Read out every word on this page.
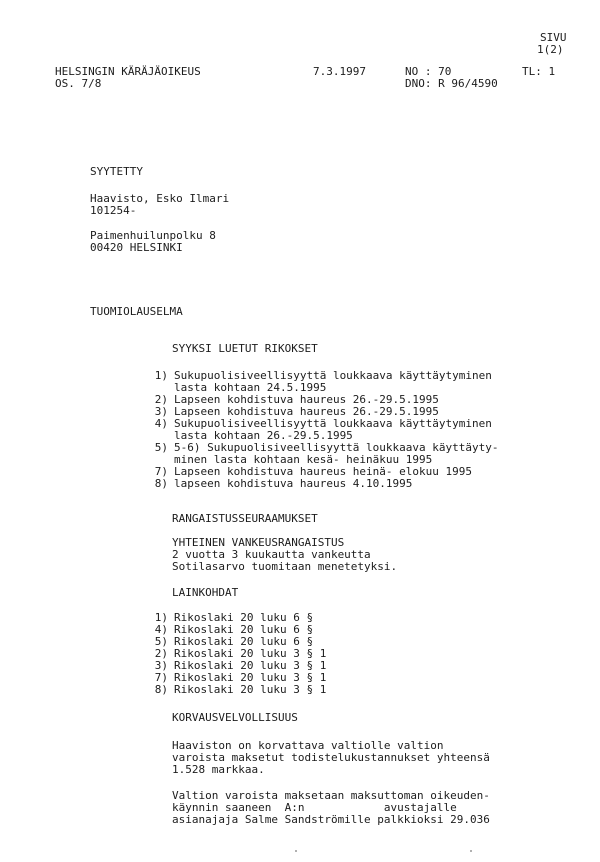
SIVU
1(2)
HELSINGIN KÄRÄJÄOIKEUS
OS. 7/8
7.3.1997	NO : 70
DNO: R 96/4590
TL: 1
SYYTETTY
Haavisto, Esko Ilmari
101254-
Paimenhuilunpolku 8
00420 HELSINKI
TUOMIOLAUSELMA
SYYKSI LUETUT RIKOKSET
1) Sukupuolisiveellisyyttä loukkaava käyttäytyminen
lasta kohtaan 24.5.1995
2) Lapseen kohdistuva haureus 26.-29.5.1995
3) Lapseen kohdistuva haureus 26.-29.5.1995
4) Sukupuolisiveellisyyttä loukkaava käyttäytyminen
lasta kohtaan 26.-29.5.1995
5) 5-6) Sukupuolisiveellisyyttä loukkaava käyttäyty-
minen lasta kohtaan kesä- heinäkuu 1995
7) Lapseen kohdistuva haureus heinä- elokuu 1995
8) lapseen kohdistuva haureus 4.10.1995
RANGAISTUSSEURAAMUKSET
YHTEINEN VANKEUSRANGAISTUS
2 vuotta 3 kuukautta vankeutta
Sotilasarvo tuomitaan menetetyksi.
LAINKOHDAT
1) Rikoslaki 20 luku 6 §
4) Rikoslaki 20 luku 6 §
5) Rikoslaki 20 luku 6 §
2) Rikoslaki 20 luku 3 § 1
3) Rikoslaki 20 luku 3 § 1
7) Rikoslaki 20 luku 3 § 1
8) Rikoslaki 20 luku 3 § 1
KORVAUSVELVOLLISUUS
Haaviston on korvattava valtiolle valtion
varoista maksetut todistelukustannukset yhteensä
1.528 markkaa.
Valtion varoista maksetaan maksuttoman oikeuden-
käynnin saaneen  A:n            avustajalle
asianajaja Salme Sandströmille palkkioksi 29.036
